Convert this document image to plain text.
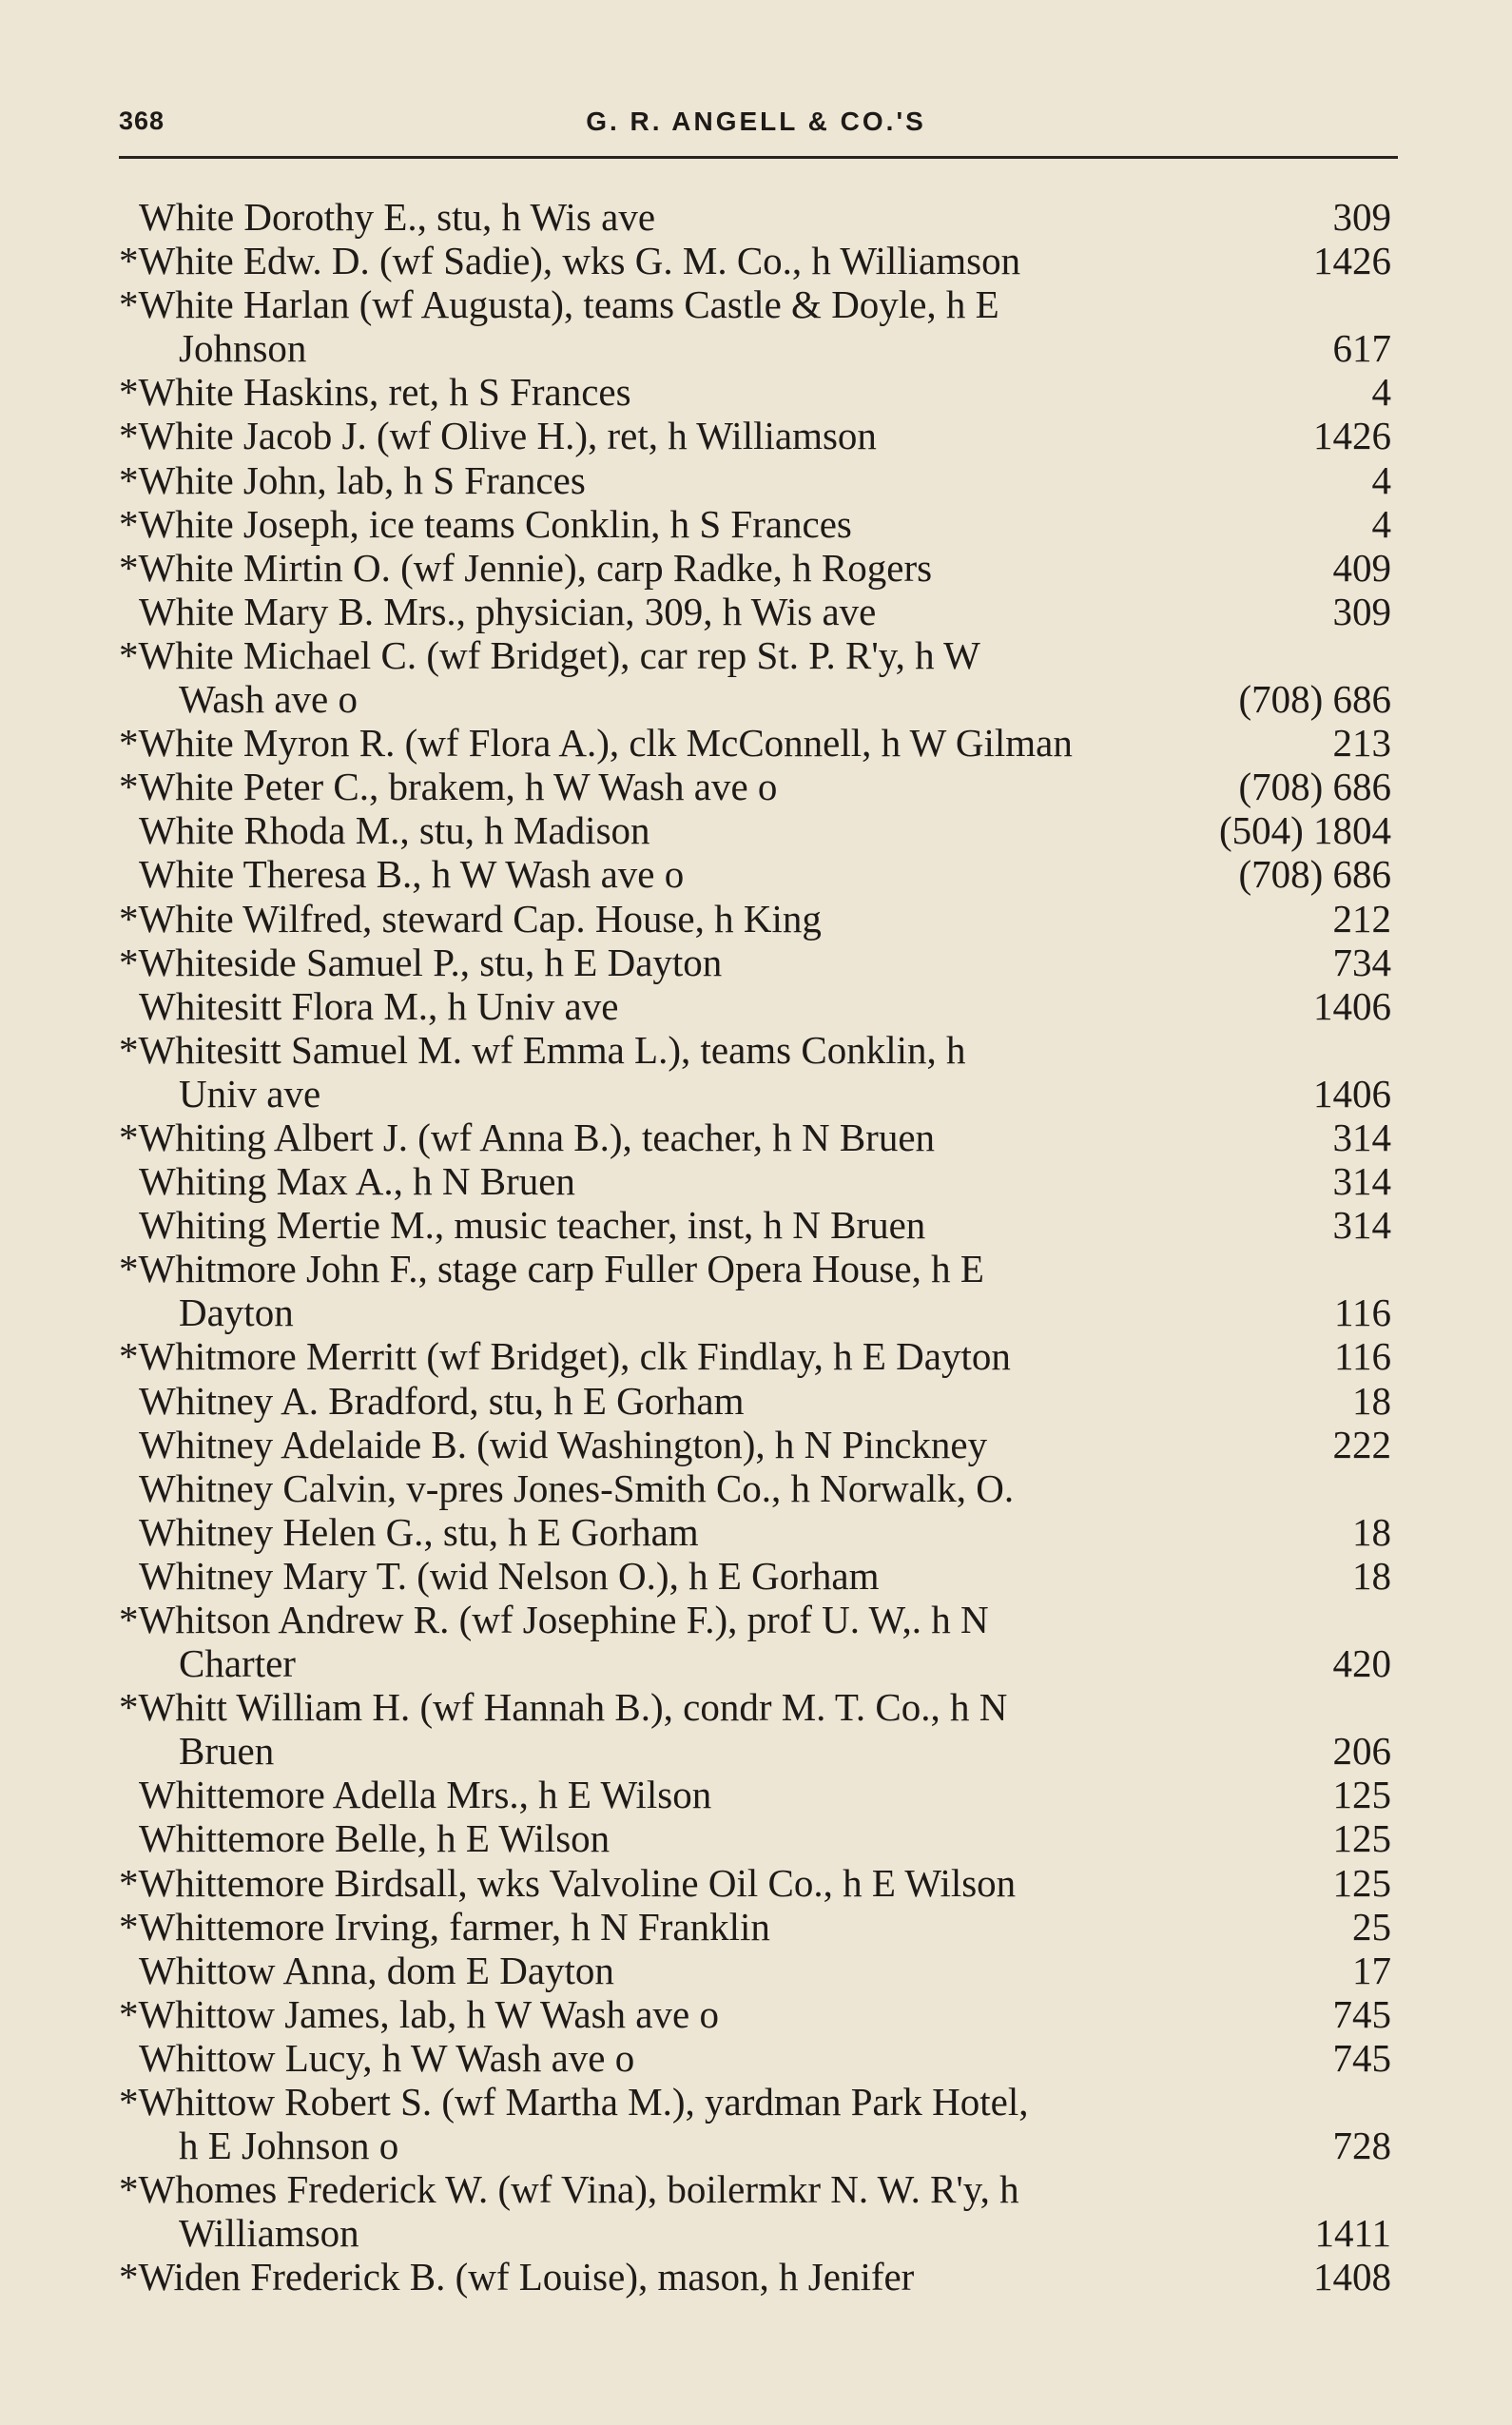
368	G. R. ANGELL & CO.'S
White Dorothy E., stu, h Wis ave	309
*White Edw. D. (wf Sadie), wks G. M. Co., h Williamson	1426
*White Harlan (wf Augusta), teams Castle & Doyle, h E
Johnson	617
*White Haskins, ret, h S Frances	4
*White Jacob J. (wf Olive H.), ret, h Williamson	1426
*White John, lab, h S Frances	4
*White Joseph, ice teams Conklin, h S Frances	4
*White Mirtin O. (wf Jennie), carp Radke, h Rogers	409
White Mary B. Mrs., physician, 309, h Wis ave	309
*White Michael C. (wf Bridget), car rep St. P. R'y, h W
Wash ave o	(708) 686
*White Myron R. (wf Flora A.), clk McConnell, h W Gilman	213
*White Peter C., brakem, h W Wash ave o	(708) 686
White Rhoda M., stu, h Madison	(504) 1804
White Theresa B., h W Wash ave o	(708) 686
*White Wilfred, steward Cap. House, h King	212
*Whiteside Samuel P., stu, h E Dayton	734
Whitesitt Flora M., h Univ ave	1406
*Whitesitt Samuel M. wf Emma L.), teams Conklin, h
Univ ave	1406
*Whiting Albert J. (wf Anna B.), teacher, h N Bruen	314
Whiting Max A., h N Bruen	314
Whiting Mertie M., music teacher, inst, h N Bruen	314
*Whitmore John F., stage carp Fuller Opera House, h E
Dayton	116
*Whitmore Merritt (wf Bridget), clk Findlay, h E Dayton	116
Whitney A. Bradford, stu, h E Gorham	18
Whitney Adelaide B. (wid Washington), h N Pinckney	222
Whitney Calvin, v-pres Jones-Smith Co., h Norwalk, O.
Whitney Helen G., stu, h E Gorham	18
Whitney Mary T. (wid Nelson O.), h E Gorham	18
*Whitson Andrew R. (wf Josephine F.), prof U. W,. h N
Charter	420
*Whitt William H. (wf Hannah B.), condr M. T. Co., h N
Bruen	206
Whittemore Adella Mrs., h E Wilson	125
Whittemore Belle, h E Wilson	125
*Whittemore Birdsall, wks Valvoline Oil Co., h E Wilson	125
*Whittemore Irving, farmer, h N Franklin	25
Whittow Anna, dom E Dayton	17
*Whittow James, lab, h W Wash ave o	745
Whittow Lucy, h W Wash ave o	745
*Whittow Robert S. (wf Martha M.), yardman Park Hotel,
h E Johnson o	728
*Whomes Frederick W. (wf Vina), boilermkr N. W. R'y, h
Williamson	1411
*Widen Frederick B. (wf Louise), mason, h Jenifer	1408
